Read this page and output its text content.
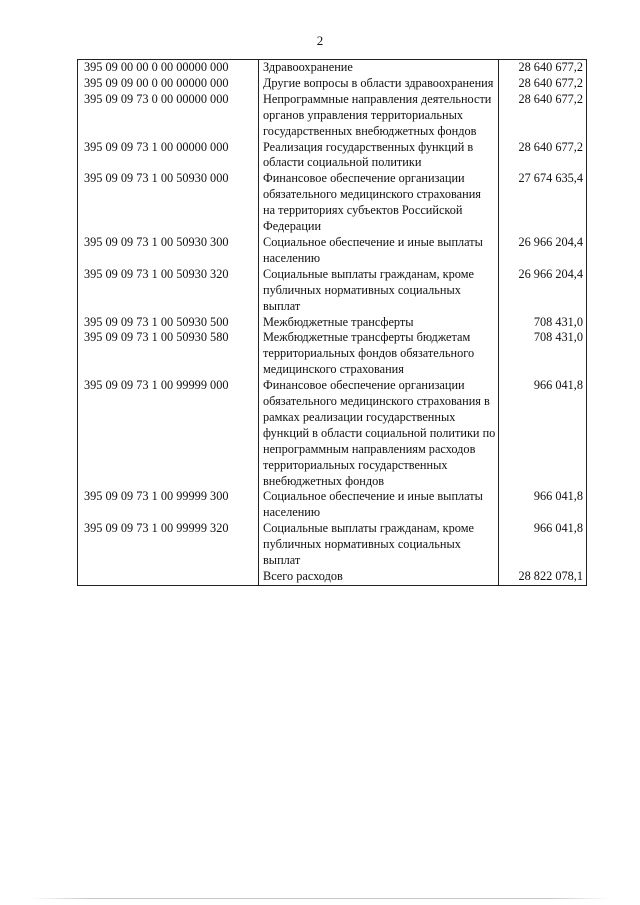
2
395 09 00 00 0 00 00000 000	Здравоохранение	28 640 677,2
395 09 09 00 0 00 00000 000	Другие вопросы в области здравоохранения	28 640 677,2
395 09 09 73 0 00 00000 000	Непрограммные направления деятельности органов управления территориальных государственных внебюджетных фондов	28 640 677,2
395 09 09 73 1 00 00000 000	Реализация государственных функций в области социальной политики	28 640 677,2
395 09 09 73 1 00 50930 000	Финансовое обеспечение организации обязательного медицинского страхования на территориях субъектов Российской Федерации	27 674 635,4
395 09 09 73 1 00 50930 300	Социальное обеспечение и иные выплаты населению	26 966 204,4
395 09 09 73 1 00 50930 320	Социальные выплаты гражданам, кроме публичных нормативных социальных выплат	26 966 204,4
395 09 09 73 1 00 50930 500	Межбюджетные трансферты	708 431,0
395 09 09 73 1 00 50930 580	Межбюджетные трансферты бюджетам территориальных фондов обязательного медицинского страхования	708 431,0
395 09 09 73 1 00 99999 000	Финансовое обеспечение организации обязательного медицинского страхования в рамках реализации государственных функций в области социальной политики по непрограммным направлениям расходов территориальных государственных внебюджетных фондов	966 041,8
395 09 09 73 1 00 99999 300	Социальное обеспечение и иные выплаты населению	966 041,8
395 09 09 73 1 00 99999 320	Социальные выплаты гражданам, кроме публичных нормативных социальных выплат	966 041,8
	Всего расходов	28 822 078,1
